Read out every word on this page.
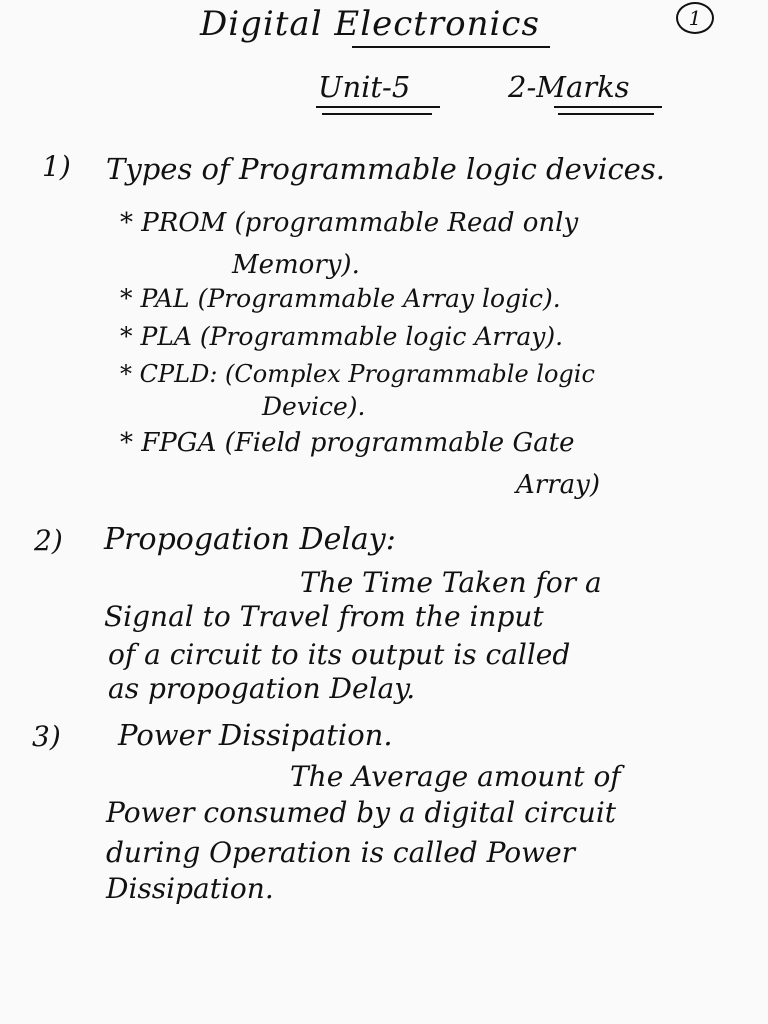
Digital Electronics	1
Unit-5	2-Marks
1) Types of Programmable logic devices.
* PROM (programmable Read only
Memory).
* PAL (Programmable Array logic).
* PLA (Programmable logic Array).
* CPLD: (Complex Programmable logic
Device).
* FPGA (Field programmable Gate
Array)
2) Propogation Delay:
The Time Taken for a
Signal to Travel from the input
of a circuit to its output is called
as propogation Delay.
3) Power Dissipation.
The Average amount of
Power consumed by a digital circuit
during Operation is called Power
Dissipation.
